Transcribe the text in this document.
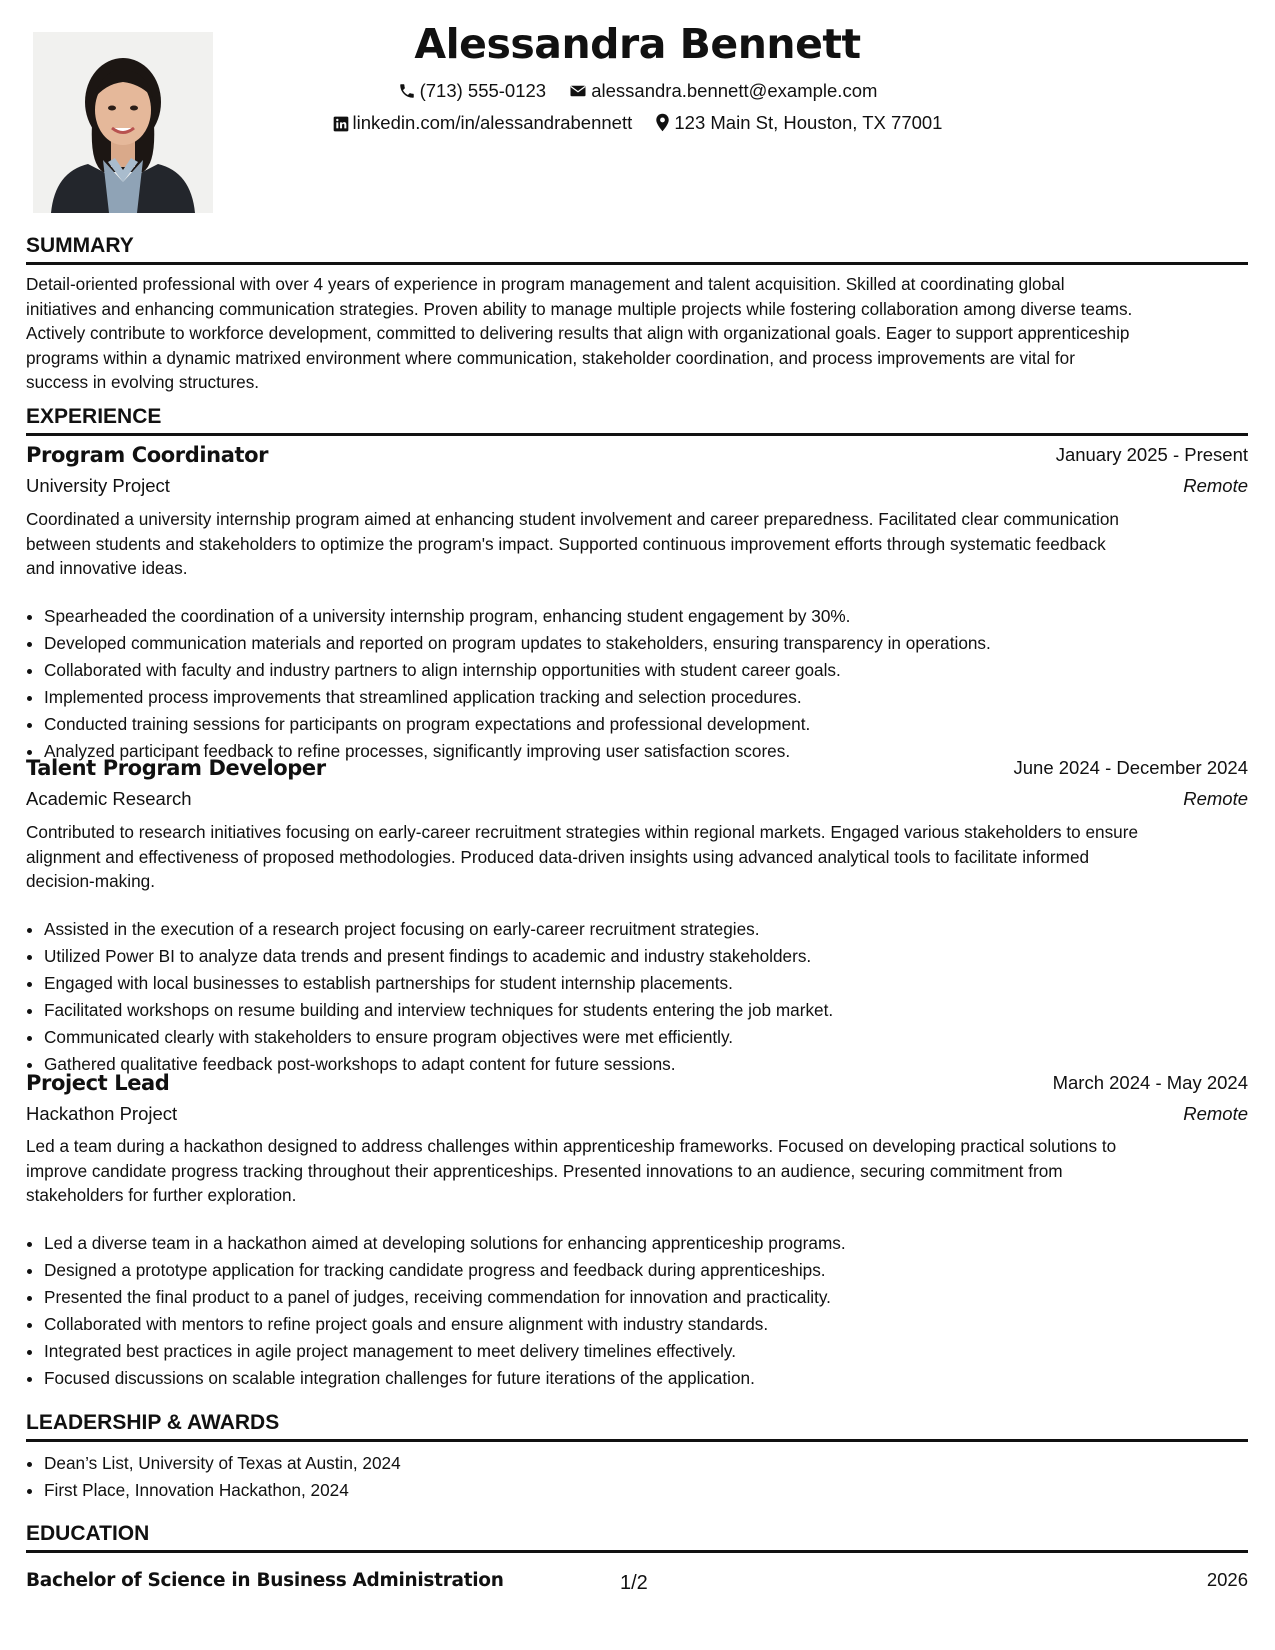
Alessandra Bennett
(713) 555-0123 alessandra.bennett@example.com
linkedin.com/in/alessandrabennett 123 Main St, Houston, TX 77001
SUMMARY
Detail-oriented professional with over 4 years of experience in program management and talent acquisition. Skilled at coordinating global
initiatives and enhancing communication strategies. Proven ability to manage multiple projects while fostering collaboration among diverse teams.
Actively contribute to workforce development, committed to delivering results that align with organizational goals. Eager to support apprenticeship
programs within a dynamic matrixed environment where communication, stakeholder coordination, and process improvements are vital for
success in evolving structures.
EXPERIENCE
Program Coordinator	January 2025 - Present
University Project	Remote
Coordinated a university internship program aimed at enhancing student involvement and career preparedness. Facilitated clear communication
between students and stakeholders to optimize the program's impact. Supported continuous improvement efforts through systematic feedback
and innovative ideas.
• Spearheaded the coordination of a university internship program, enhancing student engagement by 30%.
• Developed communication materials and reported on program updates to stakeholders, ensuring transparency in operations.
• Collaborated with faculty and industry partners to align internship opportunities with student career goals.
• Implemented process improvements that streamlined application tracking and selection procedures.
• Conducted training sessions for participants on program expectations and professional development.
• Analyzed participant feedback to refine processes, significantly improving user satisfaction scores.
Talent Program Developer	June 2024 - December 2024
Academic Research	Remote
Contributed to research initiatives focusing on early-career recruitment strategies within regional markets. Engaged various stakeholders to ensure
alignment and effectiveness of proposed methodologies. Produced data-driven insights using advanced analytical tools to facilitate informed
decision-making.
• Assisted in the execution of a research project focusing on early-career recruitment strategies.
• Utilized Power BI to analyze data trends and present findings to academic and industry stakeholders.
• Engaged with local businesses to establish partnerships for student internship placements.
• Facilitated workshops on resume building and interview techniques for students entering the job market.
• Communicated clearly with stakeholders to ensure program objectives were met efficiently.
• Gathered qualitative feedback post-workshops to adapt content for future sessions.
Project Lead	March 2024 - May 2024
Hackathon Project	Remote
Led a team during a hackathon designed to address challenges within apprenticeship frameworks. Focused on developing practical solutions to
improve candidate progress tracking throughout their apprenticeships. Presented innovations to an audience, securing commitment from
stakeholders for further exploration.
• Led a diverse team in a hackathon aimed at developing solutions for enhancing apprenticeship programs.
• Designed a prototype application for tracking candidate progress and feedback during apprenticeships.
• Presented the final product to a panel of judges, receiving commendation for innovation and practicality.
• Collaborated with mentors to refine project goals and ensure alignment with industry standards.
• Integrated best practices in agile project management to meet delivery timelines effectively.
• Focused discussions on scalable integration challenges for future iterations of the application.
LEADERSHIP & AWARDS
• Dean’s List, University of Texas at Austin, 2024
• First Place, Innovation Hackathon, 2024
EDUCATION
Bachelor of Science in Business Administration	2026
1/2
